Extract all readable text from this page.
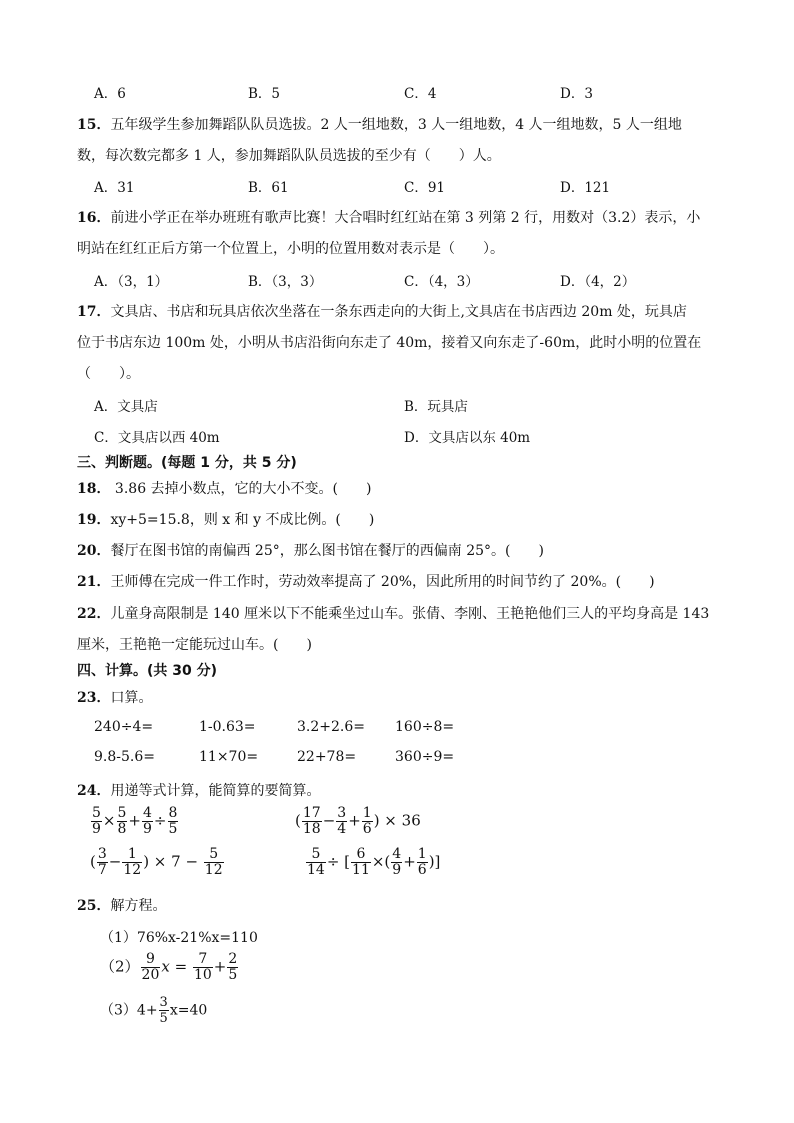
A．6	B．5	C．4	D．3
15．五年级学生参加舞蹈队队员选拔。2 人一组地数，3 人一组地数，4 人一组地数，5 人一组地
数，每次数完都多 1 人，参加舞蹈队队员选拔的至少有（　　）人。
A．31	B．61	C．91	D．121
16．前进小学正在举办班班有歌声比赛！大合唱时红红站在第 3 列第 2 行，用数对（3.2）表示，小
明站在红红正后方第一个位置上，小明的位置用数对表示是（　　）。
A．（3，1）	B．（3，3）	C．（4，3）	D．（4，2）
17．文具店、书店和玩具店依次坐落在一条东西走向的大街上,文具店在书店西边 20m 处，玩具店
位于书店东边 100m 处，小明从书店沿街向东走了 40m，接着又向东走了-60m，此时小明的位置在
（　　）。
A．文具店	B．玩具店
C．文具店以西 40m	D．文具店以东 40m
三、判断题。(每题 1 分，共 5 分)
18． 3.86 去掉小数点，它的大小不变。(　　)
19．xy+5=15.8，则 x 和 y 不成比例。(　　)
20．餐厅在图书馆的南偏西 25°，那么图书馆在餐厅的西偏南 25°。(　　)
21．王师傅在完成一件工作时，劳动效率提高了 20%，因此所用的时间节约了 20%。(　　)
22．儿童身高限制是 140 厘米以下不能乘坐过山车。张倩、李刚、王艳艳他们三人的平均身高是 143
厘米，王艳艳一定能玩过山车。(　　)
四、计算。(共 30 分)
23．口算。
240÷4=	1-0.63=	3.2+2.6= 160÷8=
9.8-5.6=	11×70=	22+78=	360÷9=
24．用递等式计算，能简算的要简算。
$\frac{5}{9} \times \frac{5}{8} + \frac{4}{9} \div \frac{8}{5}$	( $\frac{17}{18} - \frac{3}{4} + \frac{1}{6}$ ) × 36
( $\frac{3}{7} - \frac{1}{12}$ ) × $7 - \frac{5}{12}$	$\frac{5}{14}$ ÷ [ $\frac{6}{11}$ ×( $\frac{4}{9} + \frac{1}{6}$ )]
25．解方程。
（1）76%x-21%x=110
$(2) \frac{9}{20}$ $x = \frac{7}{10} + \frac{2}{5}$
$(3)4+ \frac{3}{5} x=40$
